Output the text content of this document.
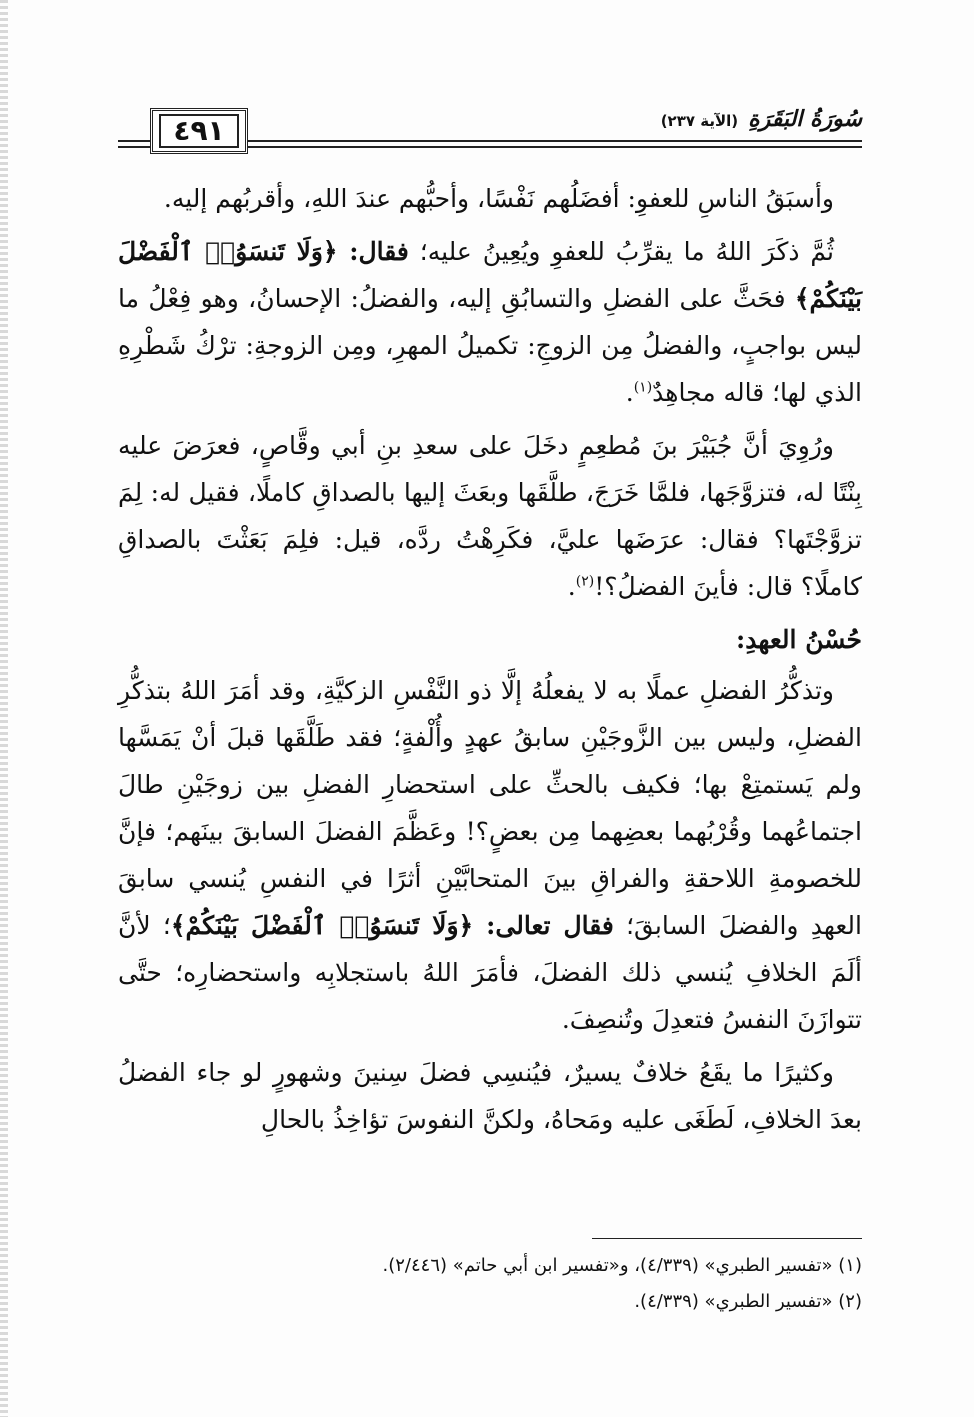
٤٩١	سُورَةُ البَقَرَةِ
(الآية ٢٣٧)

وأسبَقُ الناسِ للعفوِ: أفضَلُهم نَفْسًا، وأحبُّهم عندَ اللهِ، وأقربُهم إليه.

ثُمَّ ذكَرَ اللهُ ما يقرِّبُ للعفوِ ويُعِينُ عليه؛ فقال: ﴿وَلَا تَنسَوُا۟ ٱلْفَضْلَ بَيْنَكُمْ﴾ فحَثَّ على الفضلِ والتسابُقِ إليه، والفضلُ: الإحسانُ، وهو فِعْلُ ما ليس بواجبٍ، والفضلُ مِن الزوجِ: تكميلُ المهرِ، ومِن الزوجةِ: ترْكُ شَطْرِهِ الذي لها؛ قاله مجاهِدٌ$^{(١)}$.

ورُوِيَ أنَّ جُبَيْرَ بنَ مُطعِمٍ دخَلَ على سعدِ بنِ أبي وقَّاصٍ، فعرَضَ عليه بِنْتًا له، فتزوَّجَها، فلمَّا خَرَجَ، طلَّقَها وبعَثَ إليها بالصداقِ كاملًا، فقيل له: لِمَ تزوَّجْتَها؟ فقال: عرَضَها عليَّ، فكَرِهْتُ ردَّه، قيل: فلِمَ بَعَثْتَ بالصداقِ كاملًا؟ قال: فأينَ الفضلُ؟!$^{(٢)}$.

حُسْنُ العهدِ:

وتذكُّرُ الفضلِ عملًا به لا يفعلُهُ إلَّا ذو النَّفْسِ الزكيَّةِ، وقد أمَرَ اللهُ بتذكُّرِ الفضلِ، وليس بين الزَّوجَيْنِ سابقُ عهدٍ وأُلْفةٍ؛ فقد طَلَّقَها قبلَ أنْ يَمَسَّها ولم يَستمتِعْ بها؛ فكيف بالحثِّ على استحضارِ الفضلِ بين زوجَيْنِ طالَ اجتماعُهما وقُرْبُهما بعضِهما مِن بعضٍ؟! وعَظَّمَ الفضلَ السابقَ بينَهم؛ فإنَّ للخصومةِ اللاحقةِ والفراقِ بينَ المتحابَّيْنِ أثرًا في النفسِ يُنسي سابقَ العهدِ والفضلَ السابقَ؛ فقال تعالى: ﴿وَلَا تَنسَوُا۟ ٱلْفَضْلَ بَيْنَكُمْ﴾؛ لأنَّ ألَمَ الخلافِ يُنسي ذلك الفضلَ، فأمَرَ اللهُ باستجلابِه واستحضارِه؛ حتَّى تتوازَنَ النفسُ فتعدِلَ وتُنصِفَ.

وكثيرًا ما يقَعُ خلافٌ يسيرٌ، فيُنسِي فضلَ سِنينَ وشهورٍ لو جاء الفضلُ بعدَ الخلافِ، لَطَغَى عليه ومَحاهُ، ولكنَّ النفوسَ تؤاخِذُ بالحالِ

(١) «تفسير الطبري» (٤/٣٣٩)، و«تفسير ابن أبي حاتم» (٢/٤٤٦).
(٢) «تفسير الطبري» (٤/٣٣٩).
